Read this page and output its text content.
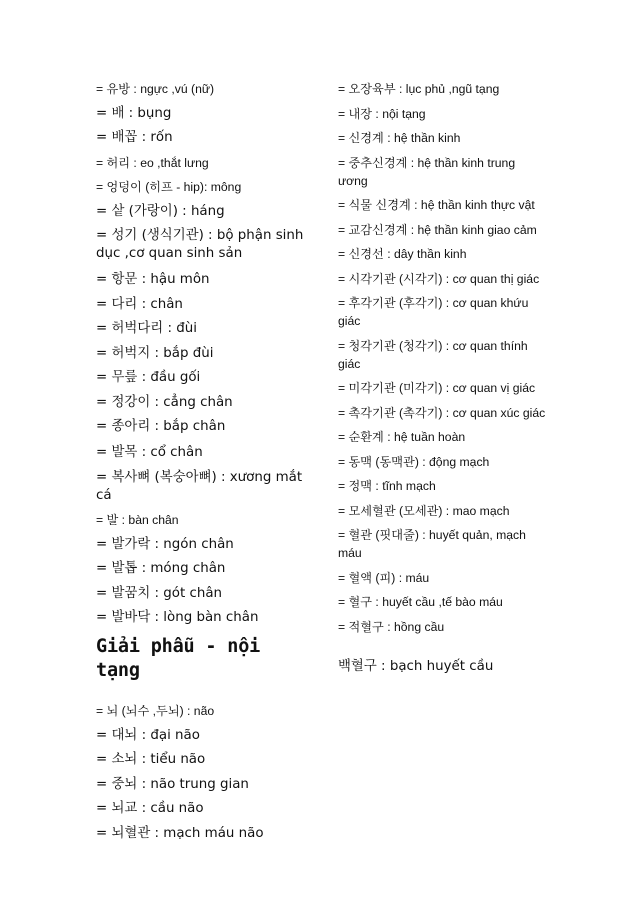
= 유방 : ngực ,vú (nữ)
= 배 : bụng
= 배꼽 : rốn
= 허리 : eo ,thắt lưng
= 엉덩이 (히프 - hip): mông
= 샅 (가랑이) : háng
= 성기 (생식기관) : bộ phận sinh dục ,cơ quan sinh sản
= 항문 : hậu môn
= 다리 : chân
= 허벅다리 : đùi
= 허벅지 : bắp đùi
= 무릎 : đầu gối
= 정강이 : cẳng chân
= 종아리 : bắp chân
= 발목 : cổ chân
= 복사뼈 (복숭아뼈) : xương mắt cá
= 발 : bàn chân
= 발가락 : ngón chân
= 발톱 : móng chân
= 발꿈치 : gót chân
= 발바닥 : lòng bàn chân
Giải phẫu - nội tạng
= 뇌 (뇌수 ,두뇌) : não
= 대뇌 : đại não
= 소뇌 : tiểu não
= 중뇌 : não trung gian
= 뇌교 : cầu não
= 뇌혈관 : mạch máu não
= 오장육부 : lục phủ ,ngũ tạng
= 내장 : nội tạng
= 신경계 : hệ thần kinh
= 중추신경계 : hệ thần kinh trung ương
= 식물 신경계 : hệ thần kinh thực vật
= 교감신경계 : hệ thần kinh giao cảm
= 신경선 : dây thần kinh
= 시각기관 (시각기) : cơ quan thị giác
= 후각기관 (후각기) : cơ quan khứu giác
= 청각기관 (청각기) : cơ quan thính giác
= 미각기관 (미각기) : cơ quan vị giác
= 촉각기관 (촉각기) : cơ quan xúc giác
= 순환계 : hệ tuần hoàn
= 동맥 (동맥관) : động mạch
= 정맥 : tĩnh mạch
= 모세혈관 (모세관) : mao mạch
= 혈관 (핏대줄) : huyết quản, mạch máu
= 혈액 (피) : máu
= 혈구 : huyết cầu ,tế bào máu
= 적혈구 : hồng cầu
백혈구 : bạch huyết cầu
